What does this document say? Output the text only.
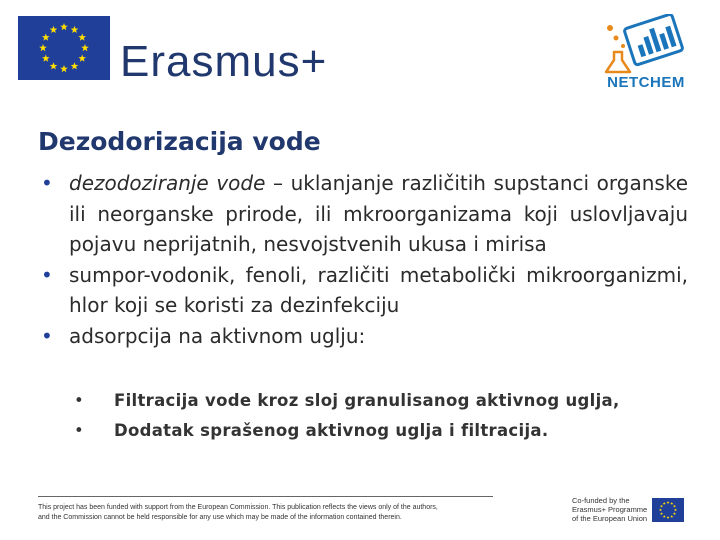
Erasmus+	NETCHEM
Dezodorizacija vode
• dezodoziranje vode – uklanjanje različitih supstanci organske ili neorganske prirode, ili mkroorganizama koji uslovljavaju pojavu neprijatnih, nesvojstvenih ukusa i mirisa
• sumpor-vodonik, fenoli, različiti metabolički mikroorganizmi, hlor koji se koristi za dezinfekciju
• adsorpcija na aktivnom uglju:
• Filtracija vode kroz sloj granulisanog aktivnog uglja,
• Dodatak sprašenog aktivnog uglja i filtracija.
This project has been funded with support from the European Commission. This publication reflects the views only of the authors,
and the Commission cannot be held responsible for any use which may be made of the information contained therein.
Co-funded by the
Erasmus+ Programme
of the European Union
